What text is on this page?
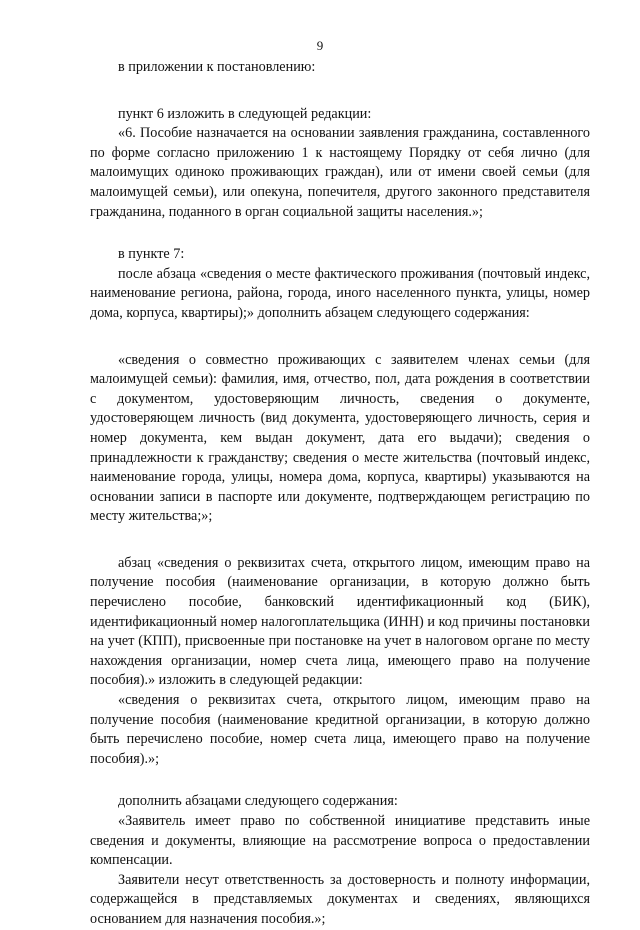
9

в приложении к постановлению:

пункт 6 изложить в следующей редакции:

«6. Пособие назначается на основании заявления гражданина, составленного по форме согласно приложению 1 к настоящему Порядку от себя лично (для малоимущих одиноко проживающих граждан), или от имени своей семьи (для малоимущей семьи), или опекуна, попечителя, другого законного представителя гражданина, поданного в орган социальной защиты населения.»;

в пункте 7:

после абзаца «сведения о месте фактического проживания (почтовый индекс, наименование региона, района, города, иного населенного пункта, улицы, номер дома, корпуса, квартиры);» дополнить абзацем следующего содержания:

«сведения о совместно проживающих с заявителем членах семьи (для малоимущей семьи): фамилия, имя, отчество, пол, дата рождения в соответствии с документом, удостоверяющим личность, сведения о документе, удостоверяющем личность (вид документа, удостоверяющего личность, серия и номер документа, кем выдан документ, дата его выдачи); сведения о принадлежности к гражданству; сведения о месте жительства (почтовый индекс, наименование города, улицы, номера дома, корпуса, квартиры) указываются на основании записи в паспорте или документе, подтверждающем регистрацию по месту жительства;»;

абзац «сведения о реквизитах счета, открытого лицом, имеющим право на получение пособия (наименование организации, в которую должно быть перечислено пособие, банковский идентификационный код (БИК), идентификационный номер налогоплательщика (ИНН) и код причины постановки на учет (КПП), присвоенные при постановке на учет в налоговом органе по месту нахождения организации, номер счета лица, имеющего право на получение пособия).» изложить в следующей редакции:

«сведения о реквизитах счета, открытого лицом, имеющим право на получение пособия (наименование кредитной организации, в которую должно быть перечислено пособие, номер счета лица, имеющего право на получение пособия).»;

дополнить абзацами следующего содержания:

«Заявитель имеет право по собственной инициативе представить иные сведения и документы, влияющие на рассмотрение вопроса о предоставлении компенсации.

Заявители несут ответственность за достоверность и полноту информации, содержащейся в представляемых документах и сведениях, являющихся основанием для назначения пособия.»;
